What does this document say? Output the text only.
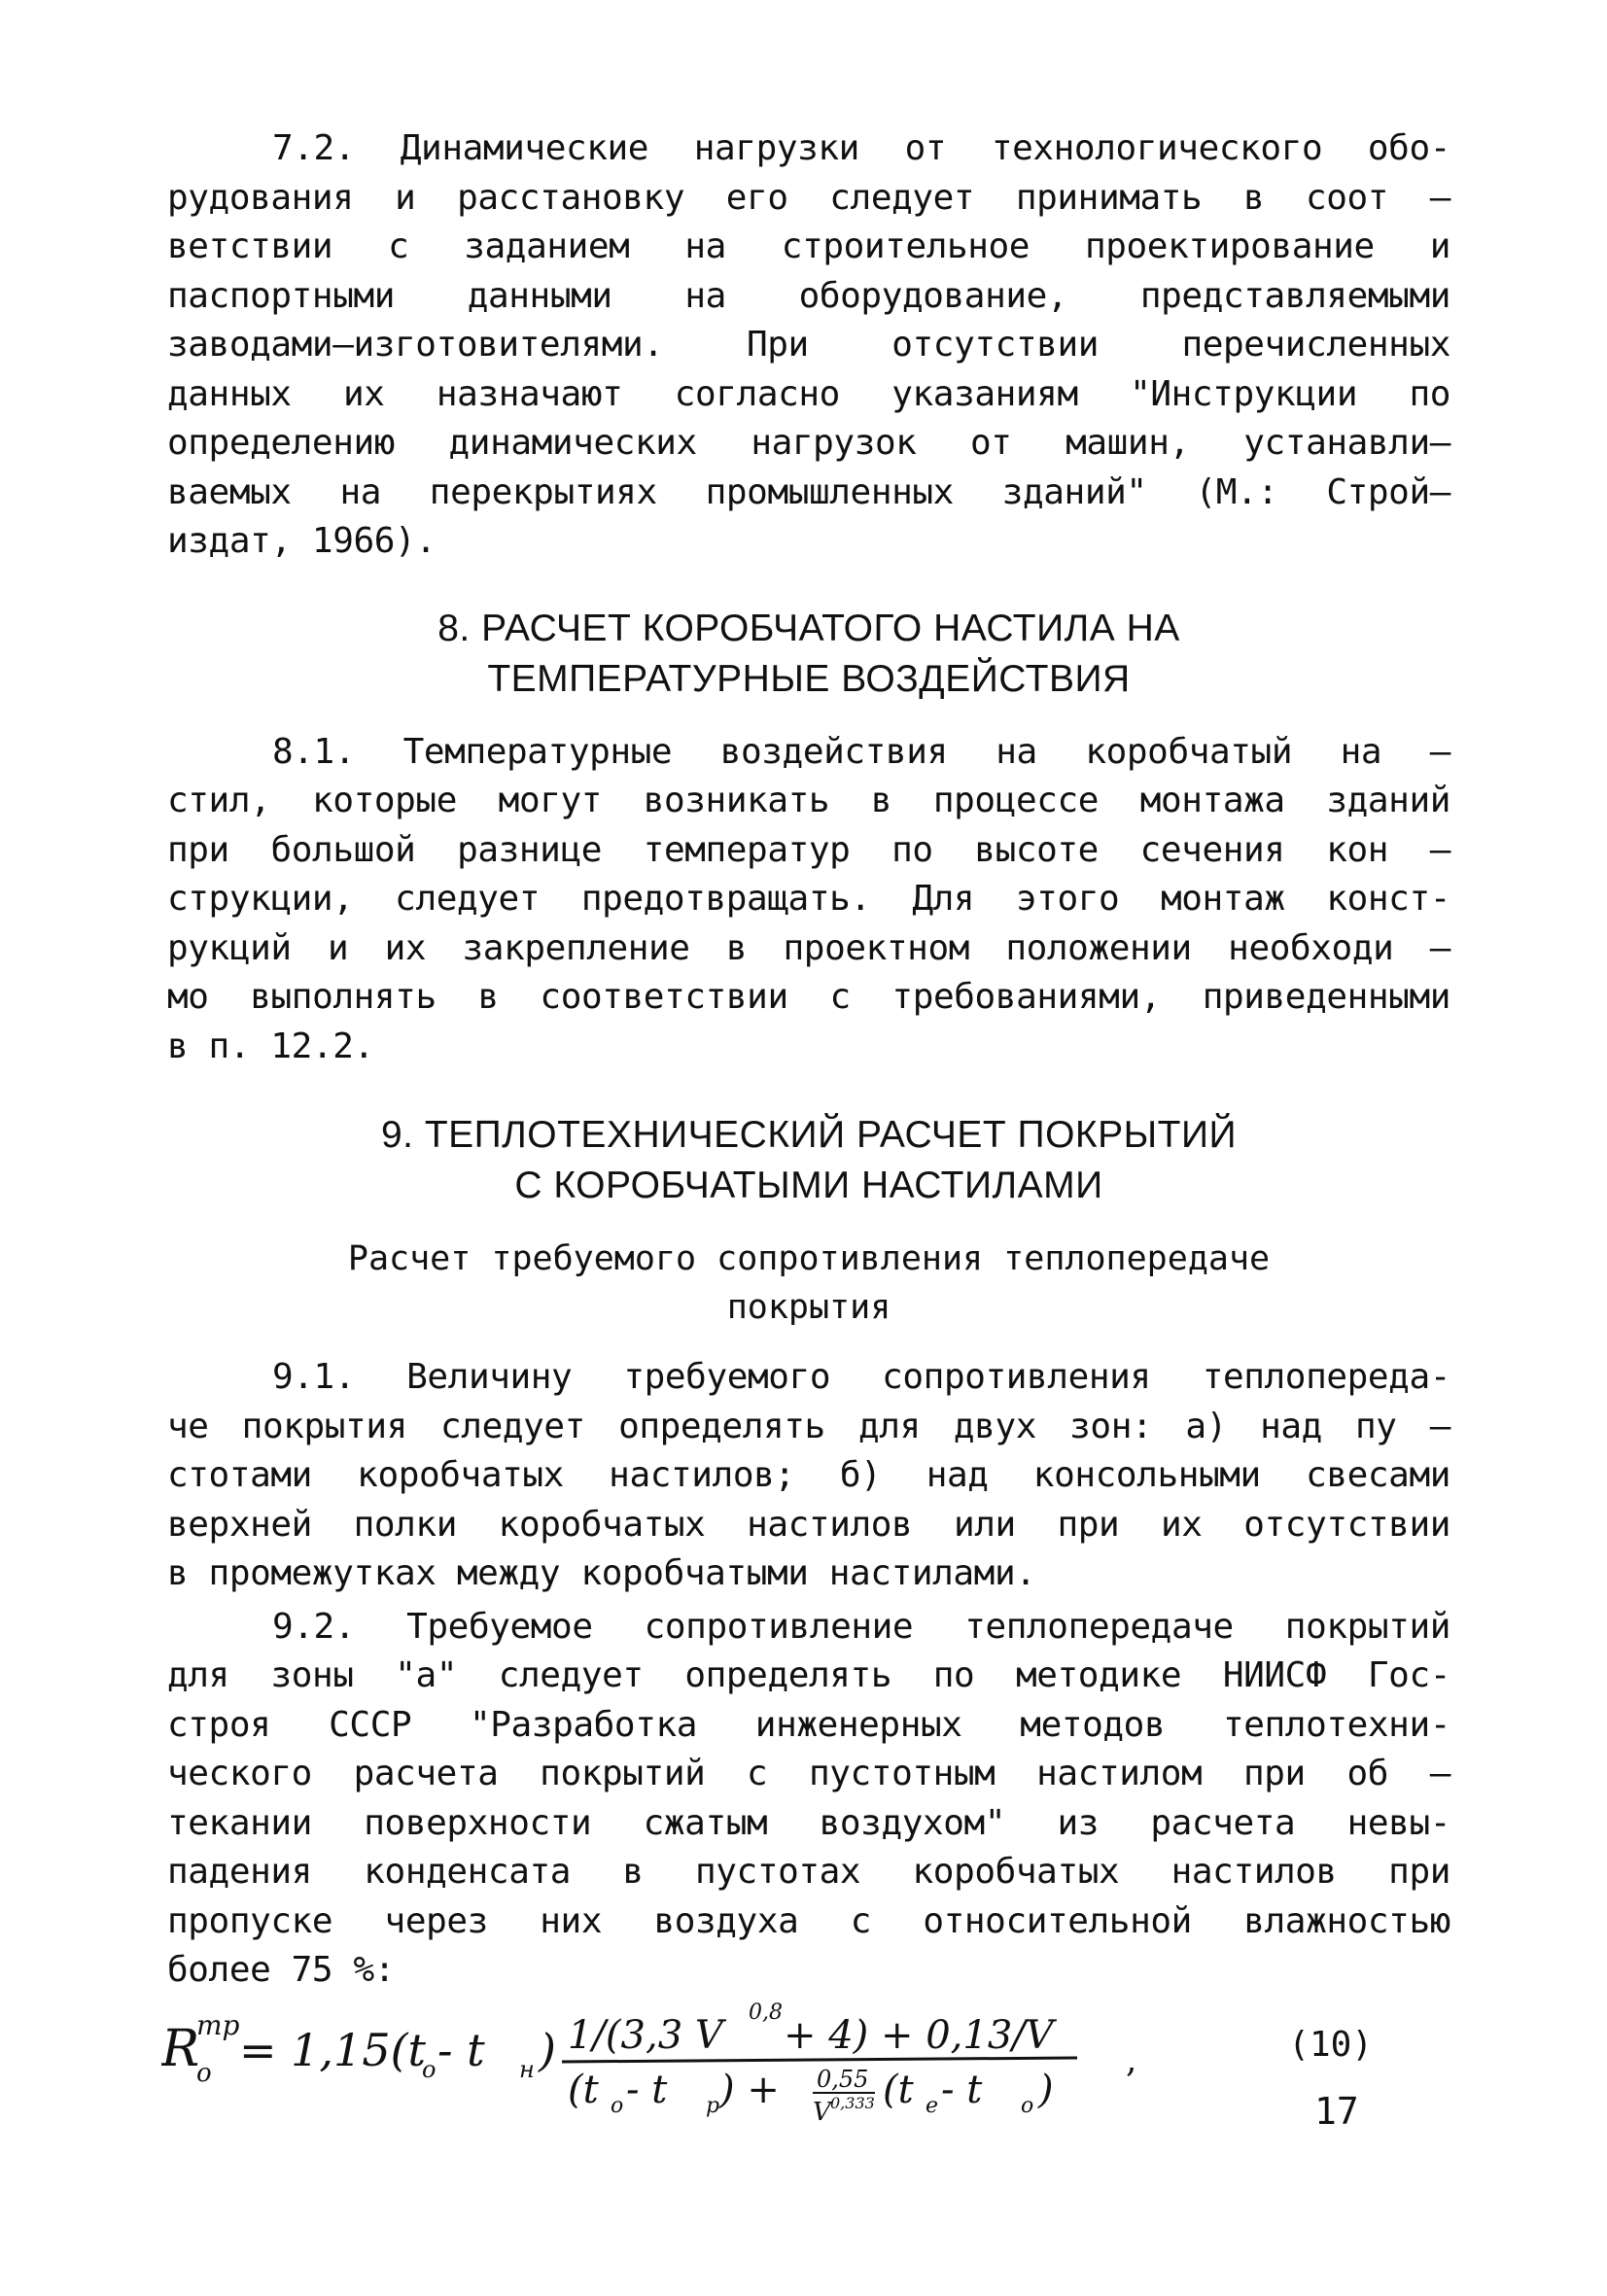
7.2. Динамические нагрузки от технологического обо-
рудования и расстановку его следует принимать в соот –
ветствии с заданием на строительное проектирование и
паспортными данными на оборудование, представляемыми
заводами–изготовителями. При отсутствии перечисленных
данных их назначают согласно указаниям "Инструкции по
определению динамических нагрузок от машин, устанавли–
ваемых на перекрытиях промышленных зданий" (М.: Строй–
издат, 1966).

8. РАСЧЕТ КОРОБЧАТОГО НАСТИЛА НА

ТЕМПЕРАТУРНЫЕ ВОЗДЕЙСТВИЯ

8.1. Температурные воздействия на коробчатый на –
стил, которые могут возникать в процессе монтажа зданий
при большой разнице температур по высоте сечения кон –
струкции, следует предотвращать. Для этого монтаж конст-
рукций и их закрепление в проектном положении необходи –
мо выполнять в соответствии с требованиями, приведенными
в п. 12.2.

9. ТЕПЛОТЕХНИЧЕСКИЙ РАСЧЕТ ПОКРЫТИЙ

С КОРОБЧАТЫМИ НАСТИЛАМИ

Расчет требуемого сопротивления теплопередаче

покрытия

9.1. Величину требуемого сопротивления теплопереда-
че покрытия следует определять для двух зон: а) над пу –
стотами коробчатых настилов; б) над консольными свесами
верхней полки коробчатых настилов или при их отсутствии
в промежутках между коробчатыми настилами.
9.2. Требуемое сопротивление теплопередаче покрытий
для зоны "а" следует определять по методике НИИСФ Гос-
строя СССР "Разработка инженерных методов теплотехни-
ческого расчета покрытий с пустотным настилом при об –
текании поверхности сжатым воздухом" из расчета невы-
падения конденсата в пустотах коробчатых настилов при
пропуске через них воздуха с относительной влажностью
более 75 %:
R
тр
о = 1,15(t
о - t н ) 1/(3,3 V
0,8
+ 4) + 0,13/V
(t о - t р ) + 0,55
V 0,333 (t е - t о )
,	(10)
17
